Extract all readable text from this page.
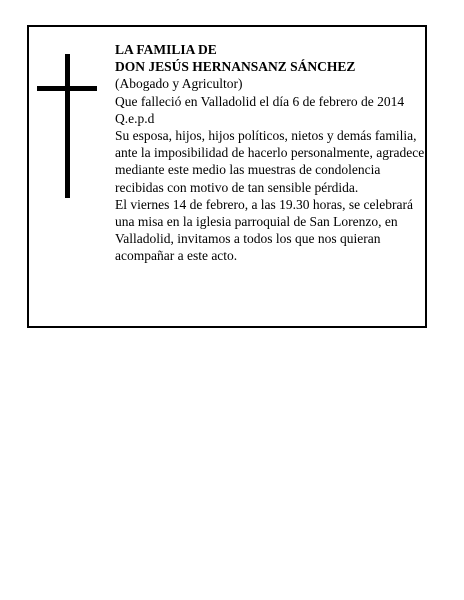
LA FAMILIA DE

DON JESÚS HERNANSANZ SÁNCHEZ

(Abogado y Agricultor)

Que falleció en Valladolid el día 6 de febrero de 2014

Q.e.p.d

Su esposa, hijos, hijos políticos, nietos y demás familia, ante la imposibilidad de hacerlo personalmente, agradece mediante este medio las muestras de condolencia recibidas con motivo de tan sensible pérdida.

El viernes 14 de febrero, a las 19.30 horas, se celebrará una misa en la iglesia parroquial de San Lorenzo, en Valladolid, invitamos a todos los que nos quieran acompañar a este acto.
